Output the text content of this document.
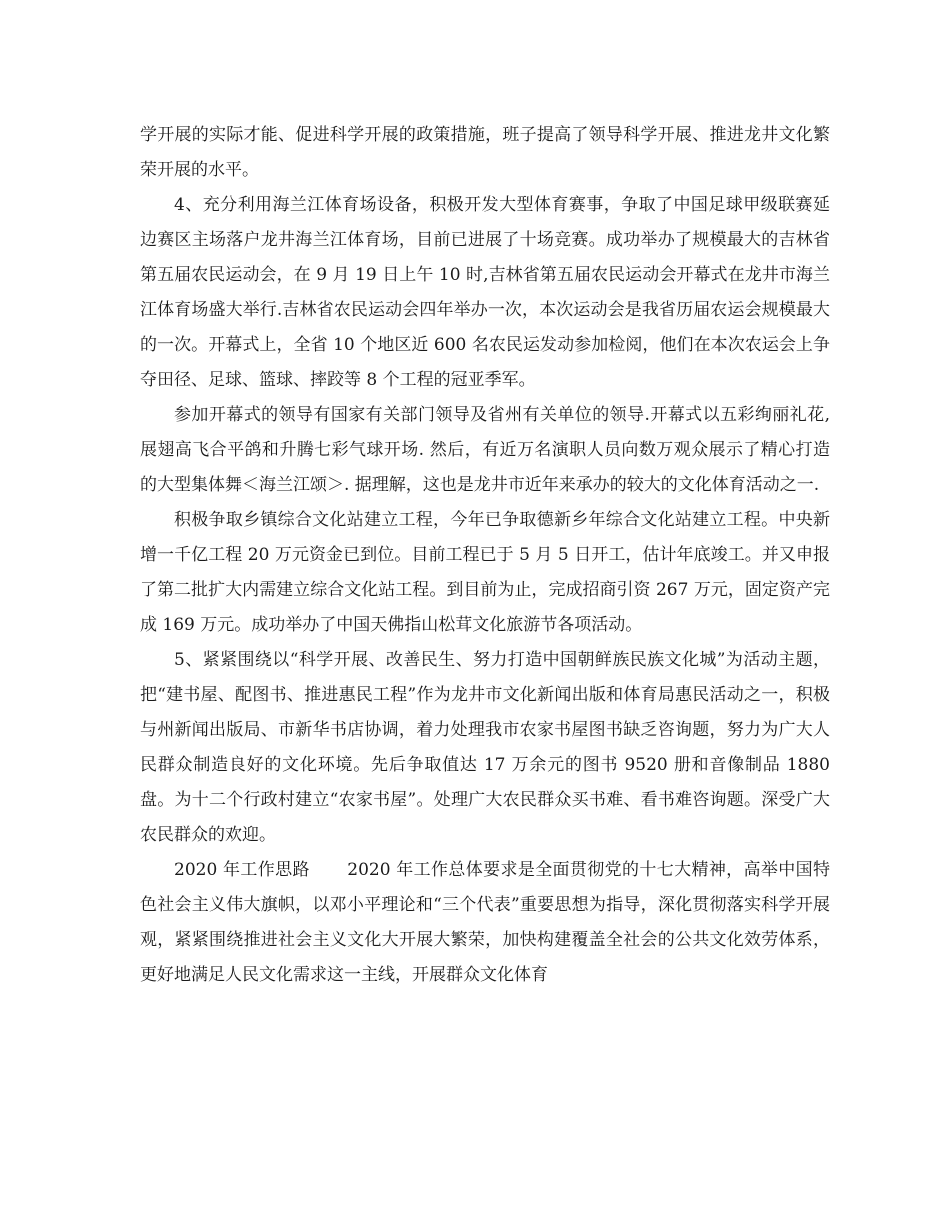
学开展的实际才能、促进科学开展的政策措施，班子提高了领导科学开展、推进龙井文化繁荣开展的水平。

4、充分利用海兰江体育场设备，积极开发大型体育赛事，争取了中国足球甲级联赛延边赛区主场落户龙井海兰江体育场，目前已进展了十场竞赛。成功举办了规模最大的吉林省第五届农民运动会，在 9 月 19 日上午 10 时,吉林省第五届农民运动会开幕式在龙井市海兰江体育场盛大举行.吉林省农民运动会四年举办一次，本次运动会是我省历届农运会规模最大的一次。开幕式上，全省 10 个地区近 600 名农民运发动参加检阅，他们在本次农运会上争夺田径、足球、篮球、摔跤等 8 个工程的冠亚季军。

参加开幕式的领导有国家有关部门领导及省州有关单位的领导.开幕式以五彩绚丽礼花,展翅高飞合平鸽和升腾七彩气球开场. 然后，有近万名演职人员向数万观众展示了精心打造的大型集体舞＜海兰江颂＞. 据理解，这也是龙井市近年来承办的较大的文化体育活动之一.

积极争取乡镇综合文化站建立工程，今年已争取德新乡年综合文化站建立工程。中央新增一千亿工程 20 万元资金已到位。目前工程已于 5 月 5 日开工，估计年底竣工。并又申报了第二批扩大内需建立综合文化站工程。到目前为止，完成招商引资 267 万元，固定资产完成 169 万元。成功举办了中国天佛指山松茸文化旅游节各项活动。

5、紧紧围绕以“科学开展、改善民生、努力打造中国朝鲜族民族文化城”为活动主题，把“建书屋、配图书、推进惠民工程”作为龙井市文化新闻出版和体育局惠民活动之一，积极与州新闻出版局、市新华书店协调，着力处理我市农家书屋图书缺乏咨询题，努力为广大人民群众制造良好的文化环境。先后争取值达 17 万余元的图书 9520 册和音像制品 1880 盘。为十二个行政村建立“农家书屋”。处理广大农民群众买书难、看书难咨询题。深受广大农民群众的欢迎。

2020 年工作思路 2020 年工作总体要求是全面贯彻党的十七大精神，高举中国特色社会主义伟大旗帜，以邓小平理论和“三个代表”重要思想为指导，深化贯彻落实科学开展观，紧紧围绕推进社会主义文化大开展大繁荣，加快构建覆盖全社会的公共文化效劳体系，更好地满足人民文化需求这一主线，开展群众文化体育
